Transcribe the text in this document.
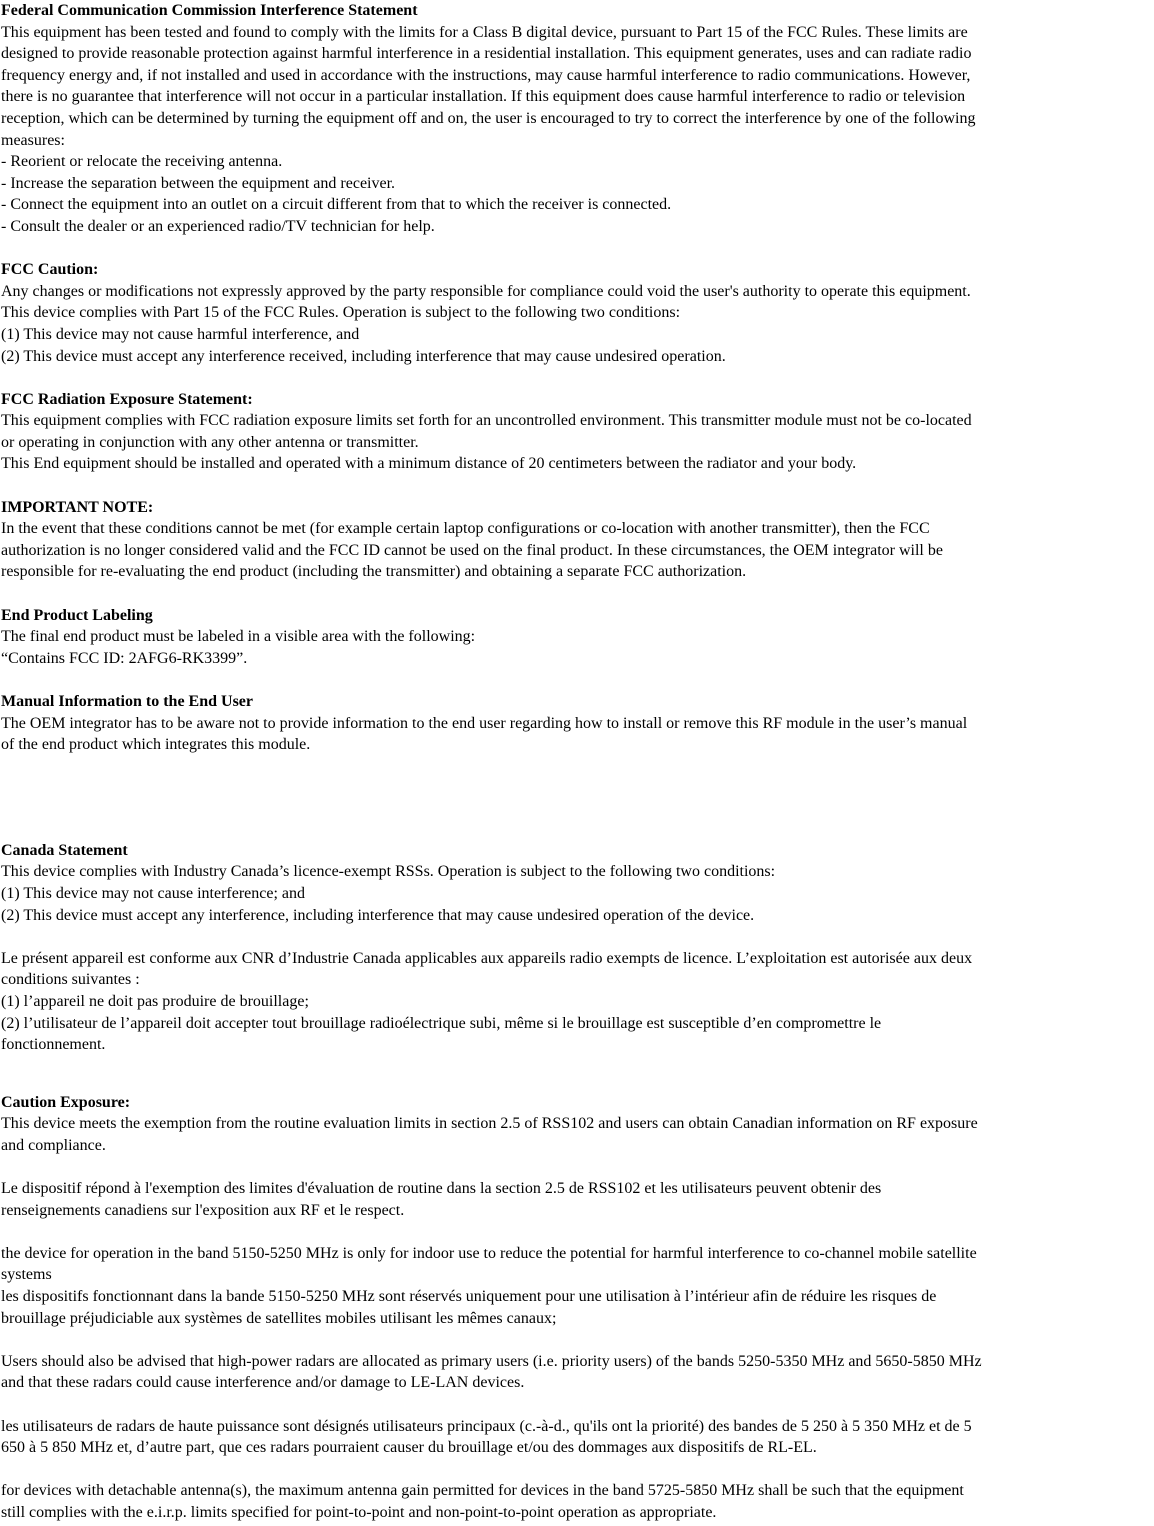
Federal Communication Commission Interference Statement
This equipment has been tested and found to comply with the limits for a Class B digital device, pursuant to Part 15 of the FCC Rules. These limits are
designed to provide reasonable protection against harmful interference in a residential installation. This equipment generates, uses and can radiate radio
frequency energy and, if not installed and used in accordance with the instructions, may cause harmful interference to radio communications. However,
there is no guarantee that interference will not occur in a particular installation. If this equipment does cause harmful interference to radio or television
reception, which can be determined by turning the equipment off and on, the user is encouraged to try to correct the interference by one of the following
measures:
- Reorient or relocate the receiving antenna.
- Increase the separation between the equipment and receiver.
- Connect the equipment into an outlet on a circuit different from that to which the receiver is connected.
- Consult the dealer or an experienced radio/TV technician for help.
FCC Caution:
Any changes or modifications not expressly approved by the party responsible for compliance could void the user's authority to operate this equipment.
This device complies with Part 15 of the FCC Rules. Operation is subject to the following two conditions:
(1) This device may not cause harmful interference, and
(2) This device must accept any interference received, including interference that may cause undesired operation.
FCC Radiation Exposure Statement:
This equipment complies with FCC radiation exposure limits set forth for an uncontrolled environment. This transmitter module must not be co-located
or operating in conjunction with any other antenna or transmitter.
This End equipment should be installed and operated with a minimum distance of 20 centimeters between the radiator and your body.
IMPORTANT NOTE:
In the event that these conditions cannot be met (for example certain laptop configurations or co-location with another transmitter), then the FCC
authorization is no longer considered valid and the FCC ID cannot be used on the final product. In these circumstances, the OEM integrator will be
responsible for re-evaluating the end product (including the transmitter) and obtaining a separate FCC authorization.
End Product Labeling
The final end product must be labeled in a visible area with the following:
“Contains FCC ID: 2AFG6-RK3399”.
Manual Information to the End User
The OEM integrator has to be aware not to provide information to the end user regarding how to install or remove this RF module in the user’s manual
of the end product which integrates this module.
Canada Statement
This device complies with Industry Canada’s licence-exempt RSSs. Operation is subject to the following two conditions:
(1) This device may not cause interference; and
(2) This device must accept any interference, including interference that may cause undesired operation of the device.
Le présent appareil est conforme aux CNR d’Industrie Canada applicables aux appareils radio exempts de licence. L’exploitation est autorisée aux deux
conditions suivantes :
(1) l’appareil ne doit pas produire de brouillage;
(2) l’utilisateur de l’appareil doit accepter tout brouillage radioélectrique subi, même si le brouillage est susceptible d’en compromettre le
fonctionnement.
Caution Exposure:
This device meets the exemption from the routine evaluation limits in section 2.5 of RSS102 and users can obtain Canadian information on RF exposure
and compliance.
Le dispositif répond à l'exemption des limites d'évaluation de routine dans la section 2.5 de RSS102 et les utilisateurs peuvent obtenir des
renseignements canadiens sur l'exposition aux RF et le respect.
the device for operation in the band 5150-5250 MHz is only for indoor use to reduce the potential for harmful interference to co-channel mobile satellite
systems
les dispositifs fonctionnant dans la bande 5150-5250 MHz sont réservés uniquement pour une utilisation à l’intérieur afin de réduire les risques de
brouillage préjudiciable aux systèmes de satellites mobiles utilisant les mêmes canaux;
Users should also be advised that high-power radars are allocated as primary users (i.e. priority users) of the bands 5250-5350 MHz and 5650-5850 MHz
and that these radars could cause interference and/or damage to LE-LAN devices.
les utilisateurs de radars de haute puissance sont désignés utilisateurs principaux (c.-à-d., qu'ils ont la priorité) des bandes de 5 250 à 5 350 MHz et de 5
650 à 5 850 MHz et, d’autre part, que ces radars pourraient causer du brouillage et/ou des dommages aux dispositifs de RL-EL.
for devices with detachable antenna(s), the maximum antenna gain permitted for devices in the band 5725-5850 MHz shall be such that the equipment
still complies with the e.i.r.p. limits specified for point-to-point and non-point-to-point operation as appropriate.
